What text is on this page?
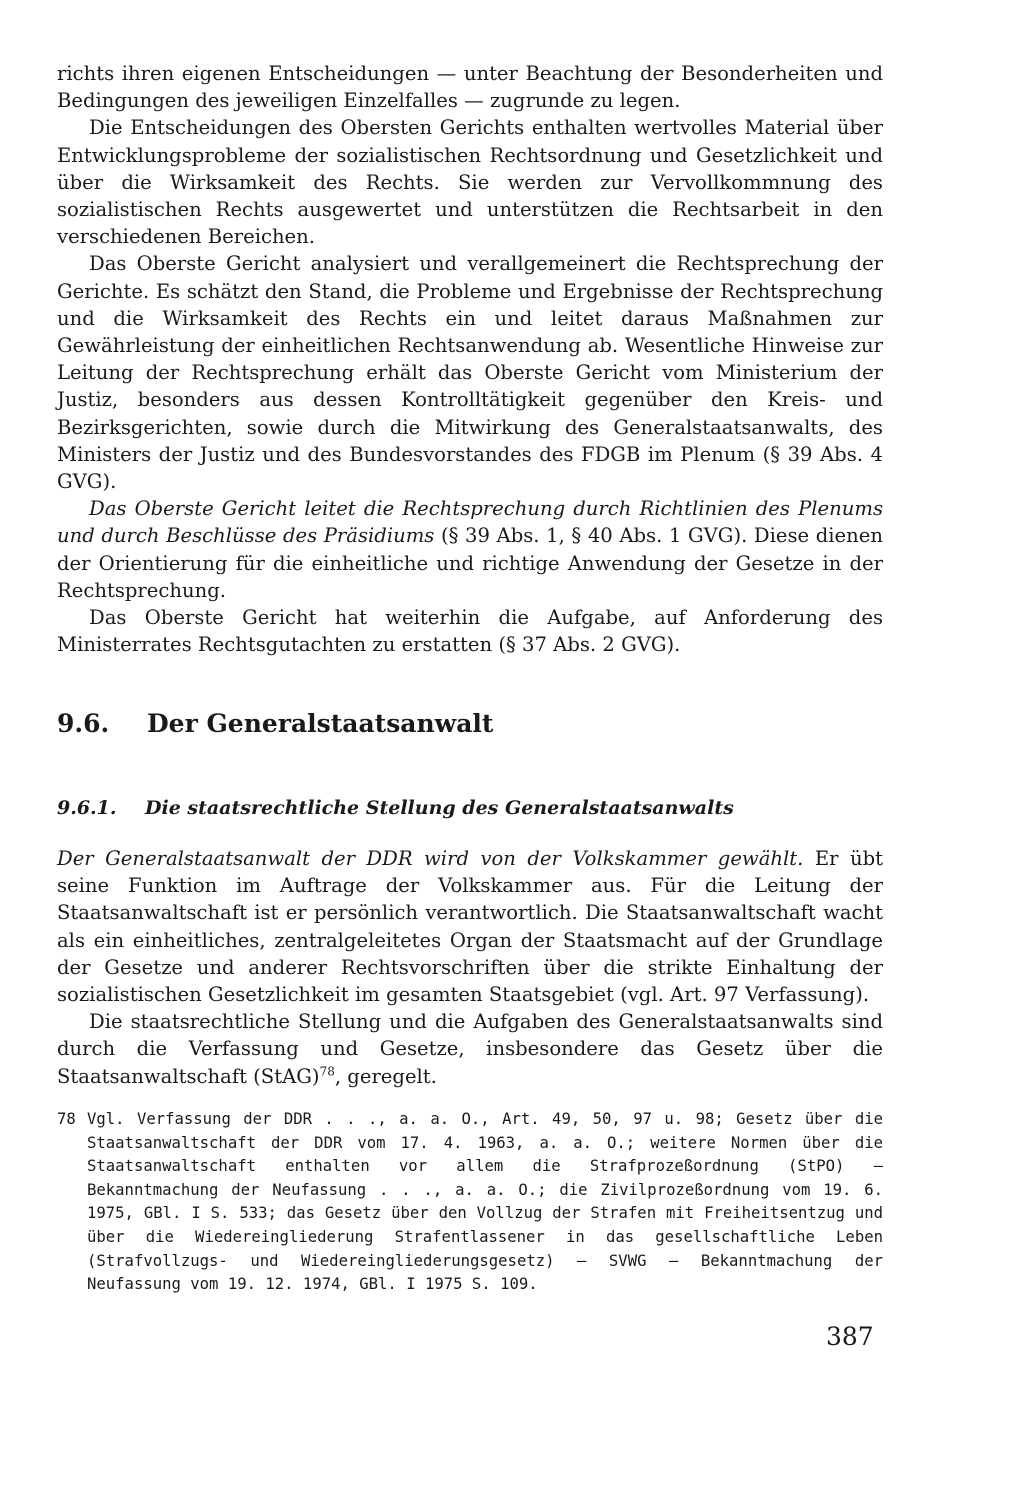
richts ihren eigenen Entscheidungen — unter Beachtung der Besonderheiten und Bedingungen des jeweiligen Einzelfalles — zugrunde zu legen.

Die Entscheidungen des Obersten Gerichts enthalten wertvolles Material über Entwicklungsprobleme der sozialistischen Rechtsordnung und Gesetzlichkeit und über die Wirksamkeit des Rechts. Sie werden zur Vervollkommnung des sozialistischen Rechts ausgewertet und unterstützen die Rechtsarbeit in den verschiedenen Bereichen.

Das Oberste Gericht analysiert und verallgemeinert die Rechtsprechung der Gerichte. Es schätzt den Stand, die Probleme und Ergebnisse der Rechtsprechung und die Wirksamkeit des Rechts ein und leitet daraus Maßnahmen zur Gewährleistung der einheitlichen Rechtsanwendung ab. Wesentliche Hinweise zur Leitung der Rechtsprechung erhält das Oberste Gericht vom Ministerium der Justiz, besonders aus dessen Kontrolltätigkeit gegenüber den Kreis- und Bezirksgerichten, sowie durch die Mitwirkung des Generalstaatsanwalts, des Ministers der Justiz und des Bundesvorstandes des FDGB im Plenum (§ 39 Abs. 4 GVG).

Das Oberste Gericht leitet die Rechtsprechung durch Richtlinien des Plenums und durch Beschlüsse des Präsidiums (§ 39 Abs. 1, § 40 Abs. 1 GVG). Diese dienen der Orientierung für die einheitliche und richtige Anwendung der Gesetze in der Rechtsprechung.

Das Oberste Gericht hat weiterhin die Aufgabe, auf Anforderung des Ministerrates Rechtsgutachten zu erstatten (§ 37 Abs. 2 GVG).

9.6. Der Generalstaatsanwalt
9.6.1. Die staatsrechtliche Stellung des Generalstaatsanwalts

Der Generalstaatsanwalt der DDR wird von der Volkskammer gewählt. Er übt seine Funktion im Auftrage der Volkskammer aus. Für die Leitung der Staatsanwaltschaft ist er persönlich verantwortlich. Die Staatsanwaltschaft wacht als ein einheitliches, zentralgeleitetes Organ der Staatsmacht auf der Grundlage der Gesetze und anderer Rechtsvorschriften über die strikte Einhaltung der sozialistischen Gesetzlichkeit im gesamten Staatsgebiet (vgl. Art. 97 Verfassung).

Die staatsrechtliche Stellung und die Aufgaben des Generalstaatsanwalts sind durch die Verfassung und Gesetze, insbesondere das Gesetz über die Staatsanwaltschaft (StAG)$^{78}$, geregelt.

78 Vgl. Verfassung der DDR . . ., a. a. O., Art. 49, 50, 97 u. 98; Gesetz über die Staatsanwaltschaft der DDR vom 17. 4. 1963, a. a. O.; weitere Normen über die Staatsanwaltschaft enthalten vor allem die Strafprozeßordnung (StPO) — Bekanntmachung der Neufassung . . ., a. a. O.; die Zivilprozeßordnung vom 19. 6. 1975, GBl. I S. 533; das Gesetz über den Vollzug der Strafen mit Freiheitsentzug und über die Wiedereingliederung Strafentlassener in das gesellschaftliche Leben (Strafvollzugs- und Wiedereingliederungsgesetz) — SVWG — Bekanntmachung der Neufassung vom 19. 12. 1974, GBl. I 1975 S. 109.

387
